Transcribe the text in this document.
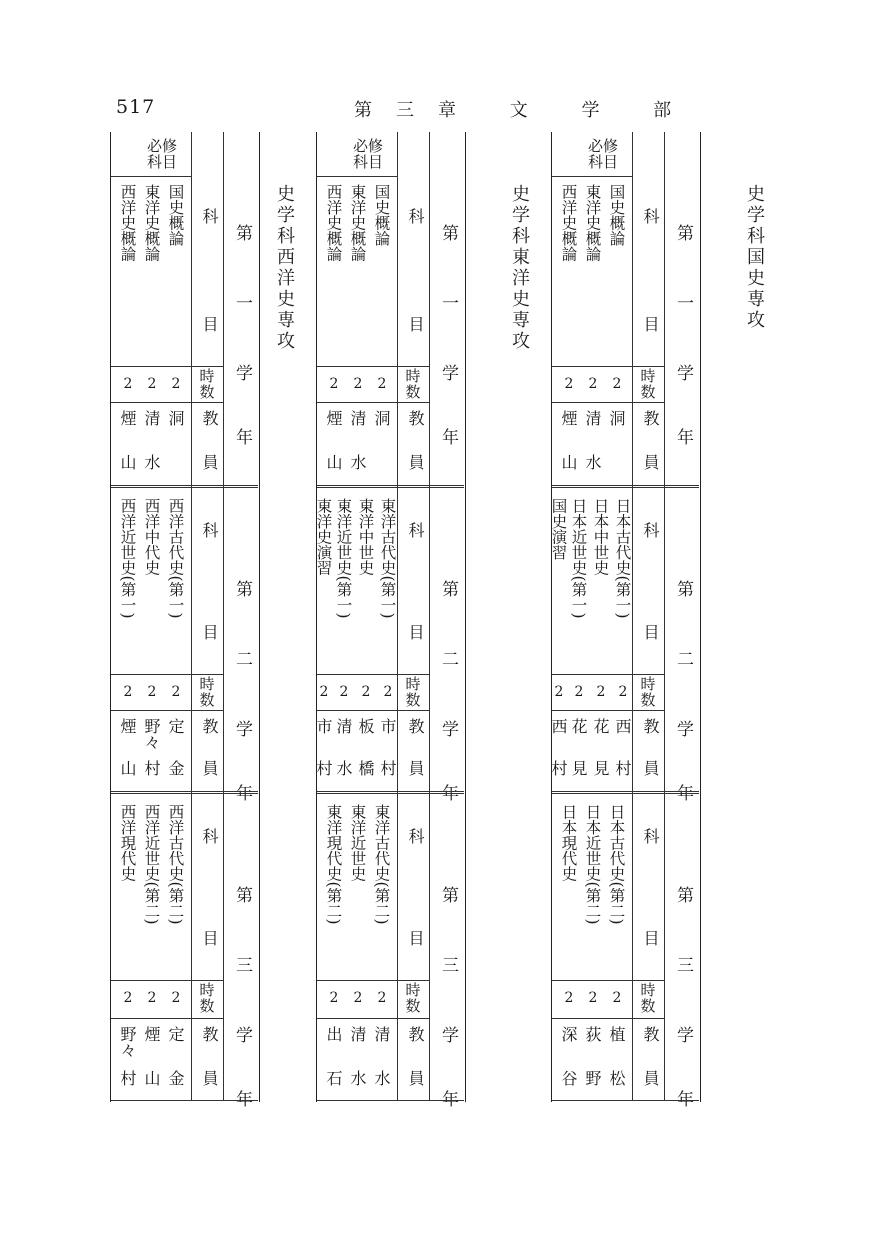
517	第三章 文 学 部
必修
科目
第
一
学
年
科
目
時数
教
員
国史概論
2
洞
東洋史概論
2
清
水
西洋史概論
2
煙
山
第
二
学
年
科
目
時数
教
員
日本古代史(第一)
2
西
村
日本中世史
2
花
見
日本近世史(第一)
2
花
見
国史演習
2
西
村
第
三
学
年
科
目
時数
教
員
日本古代史(第二)
2
植
松
日本近世史(第二)
2
荻
野
日本現代史
2
深
谷
必修
科目
第
一
学
年
科
目
時数
教
員
国史概論
2
洞
東洋史概論
2
清
水
西洋史概論
2
煙
山
第
二
学
年
科
目
時数
教
員
東洋古代史(第一)
2
市
村
東洋中世史
2
板
橋
東洋近世史(第一)
2
清
水
東洋史演習
2
市
村
第
三
学
年
科
目
時数
教
員
東洋古代史(第二)
2
清
水
東洋近世史
2
清
水
東洋現代史(第二)
2
出
石
必修
科目
第
一
学
年
科
目
時数
教
員
国史概論
2
洞
東洋史概論
2
清
水
西洋史概論
2
煙
山
第
二
学
年
科
目
時数
教
員
西洋古代史(第一)
2
定
金
西洋中代史
2
野々
村
西洋近世史(第一)
2
煙
山
第
三
学
年
科
目
時数
教
員
西洋古代史(第二)
2
定
金
西洋近世史(第二)
2
煙
山
西洋現代史
2
野々
村
史学科国史専攻
史学科東洋史専攻
史学科西洋史専攻
